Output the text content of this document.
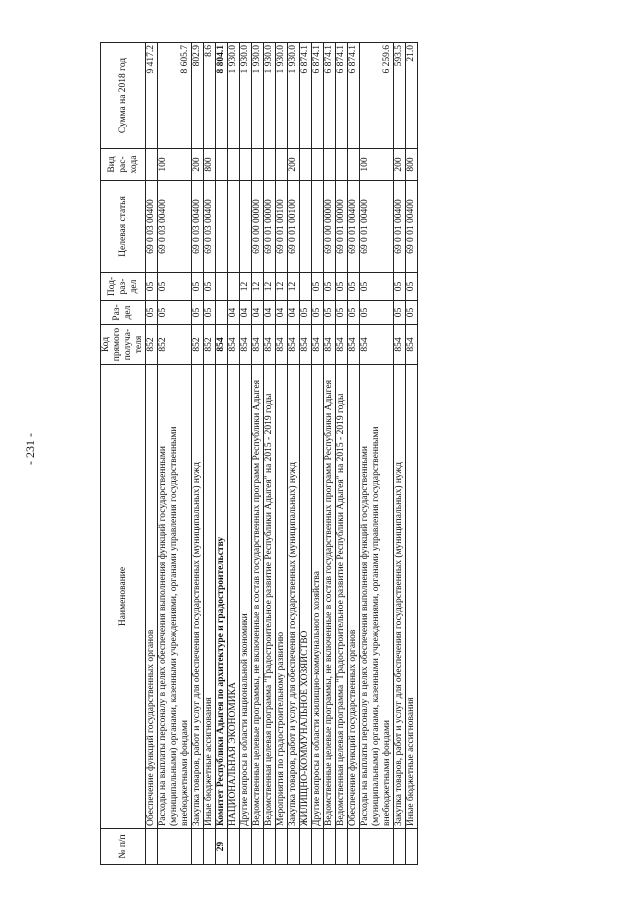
- 231 -
№ п/п	Наименование	Код прямого получа-теля	Раз-дел	Под-раз-дел	Целевая статья	Вид рас-хода	Сумма на 2018 год
	Обеспечение функций государственных органов	852	05	05	69 0 03 00400		9 417.2
	Расходы на выплаты персоналу в целях обеспечения выполнения функций государственными (муниципальными) органами, казенными учреждениями, органами управления государственными внебюджетными фондами	852	05	05	69 0 03 00400	100	8 605.7
	Закупка товаров, работ и услуг для обеспечения государственных (муниципальных) нужд	852	05	05	69 0 03 00400	200	802.9
	Иные бюджетные ассигнования	852	05	05	69 0 03 00400	800	8.6
29	Комитет Республики Адыгея по архитектуре и градостроительству	854					8 804.1
	НАЦИОНАЛЬНАЯ ЭКОНОМИКА	854	04				1 930.0
	Другие вопросы в области национальной экономики	854	04	12			1 930.0
	Ведомственные целевые программы, не включенные в состав государственных программ Республики Адыгея	854	04	12	69 0 00 00000		1 930.0
	Ведомственная целевая программа "Градостроительное развитие Республики Адыгея" на 2015 - 2019 годы	854	04	12	69 0 01 00000		1 930.0
	Мероприятия по градостроительному развитию	854	04	12	69 0 01 00100		1 930.0
	Закупка товаров, работ и услуг для обеспечения государственных (муниципальных) нужд	854	04	12	69 0 01 00100	200	1 930.0
	ЖИЛИЩНО-КОММУНАЛЬНОЕ ХОЗЯЙСТВО	854	05				6 874.1
	Другие вопросы в области жилищно-коммунального хозяйства	854	05	05			6 874.1
	Ведомственные целевые программы, не включенные в состав государственных программ Республики Адыгея	854	05	05	69 0 00 00000		6 874.1
	Ведомственная целевая программа "Градостроительное развитие Республики Адыгея" на 2015 - 2019 годы	854	05	05	69 0 01 00000		6 874.1
	Обеспечение функций государственных органов	854	05	05	69 0 01 00400		6 874.1
	Расходы на выплаты персоналу в целях обеспечения выполнения функций государственными (муниципальными) органами, казенными учреждениями, органами управления государственными внебюджетными фондами	854	05	05	69 0 01 00400	100	6 259.6
	Закупка товаров, работ и услуг для обеспечения государственных (муниципальных) нужд	854	05	05	69 0 01 00400	200	593.5
	Иные бюджетные ассигнования	854	05	05	69 0 01 00400	800	21.0
